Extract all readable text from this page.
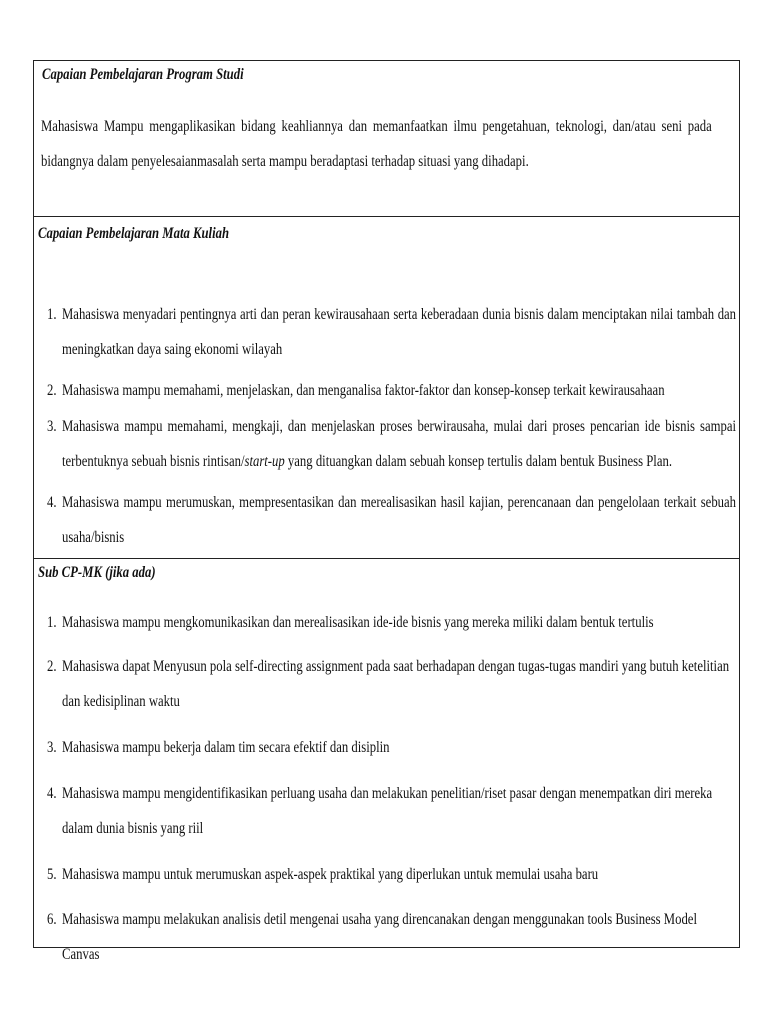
Capaian Pembelajaran Program Studi
Mahasiswa Mampu mengaplikasikan bidang keahliannya dan memanfaatkan ilmu pengetahuan, teknologi, dan/atau seni pada bidangnya dalam penyelesaianmasalah serta mampu beradaptasi terhadap situasi yang dihadapi.
Capaian Pembelajaran Mata Kuliah
1. Mahasiswa menyadari pentingnya arti dan peran kewirausahaan serta keberadaan dunia bisnis dalam menciptakan nilai tambah dan meningkatkan daya saing ekonomi wilayah
2. Mahasiswa mampu memahami, menjelaskan, dan menganalisa faktor-faktor dan konsep-konsep terkait kewirausahaan
3. Mahasiswa mampu memahami, mengkaji, dan menjelaskan proses berwirausaha, mulai dari proses pencarian ide bisnis sampai terbentuknya sebuah bisnis rintisan/start-up yang dituangkan dalam sebuah konsep tertulis dalam bentuk Business Plan.
4. Mahasiswa mampu merumuskan, mempresentasikan dan merealisasikan hasil kajian, perencanaan dan pengelolaan terkait sebuah usaha/bisnis
Sub CP-MK (jika ada)
1. Mahasiswa mampu mengkomunikasikan dan merealisasikan ide-ide bisnis yang mereka miliki dalam bentuk tertulis
2. Mahasiswa dapat Menyusun pola self-directing assignment pada saat berhadapan dengan tugas-tugas mandiri yang butuh ketelitian dan kedisiplinan waktu
3. Mahasiswa mampu bekerja dalam tim secara efektif dan disiplin
4. Mahasiswa mampu mengidentifikasikan perluang usaha dan melakukan penelitian/riset pasar dengan menempatkan diri mereka dalam dunia bisnis yang riil
5. Mahasiswa mampu untuk merumuskan aspek-aspek praktikal yang diperlukan untuk memulai usaha baru
6. Mahasiswa mampu melakukan analisis detil mengenai usaha yang direncanakan dengan menggunakan tools Business Model Canvas
